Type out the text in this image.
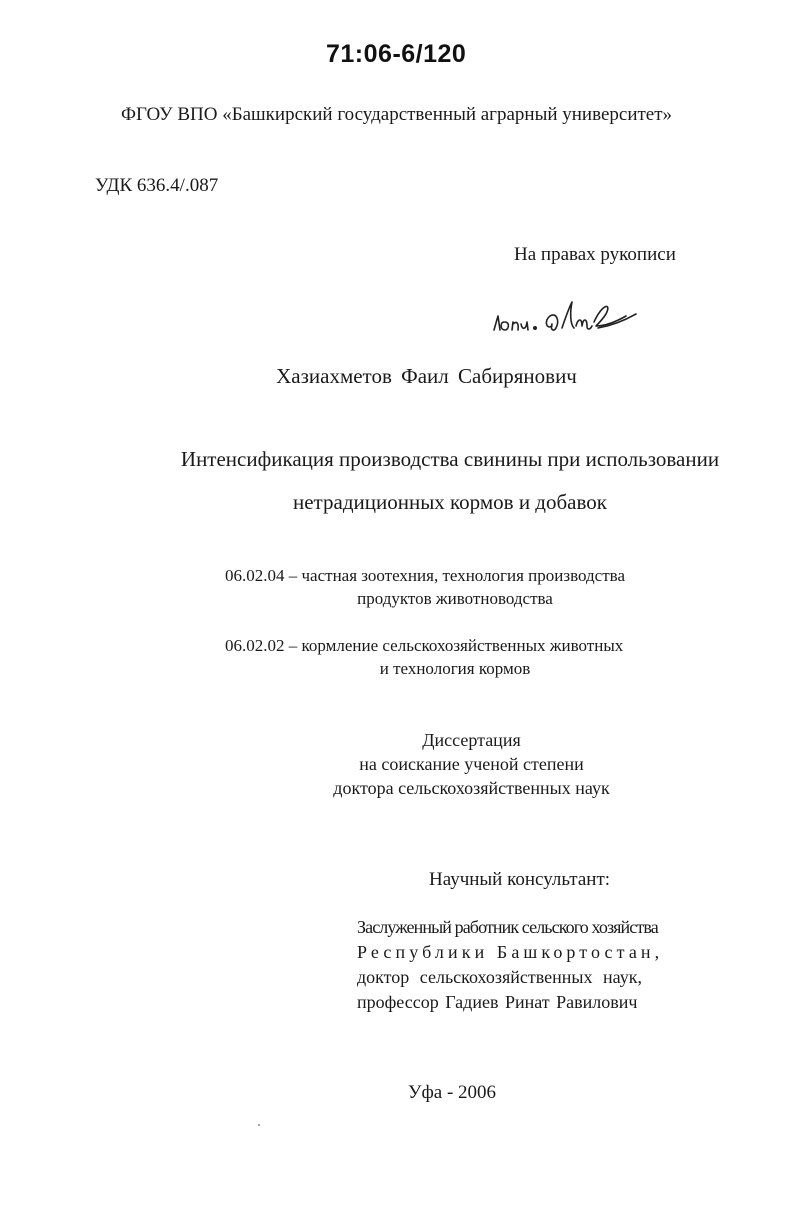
71:06-6/120
ФГОУ ВПО «Башкирский государственный аграрный университет»
УДК 636.4/.087
На правах рукописи
Хазиахметов Фаил Сабирянович
Интенсификация производства свинины при использовании
нетрадиционных кормов и добавок
06.02.04 – частная зоотехния, технология производства
продуктов животноводства
06.02.02 – кормление сельскохозяйственных животных
и технология кормов
Диссертация
на соискание ученой степени
доктора сельскохозяйственных наук
Научный консультант:
Заслуженный работник сельского хозяйства
Республики Башкортостан,
доктор сельскохозяйственных наук,
профессор Гадиев Ринат Равилович
Уфа - 2006
